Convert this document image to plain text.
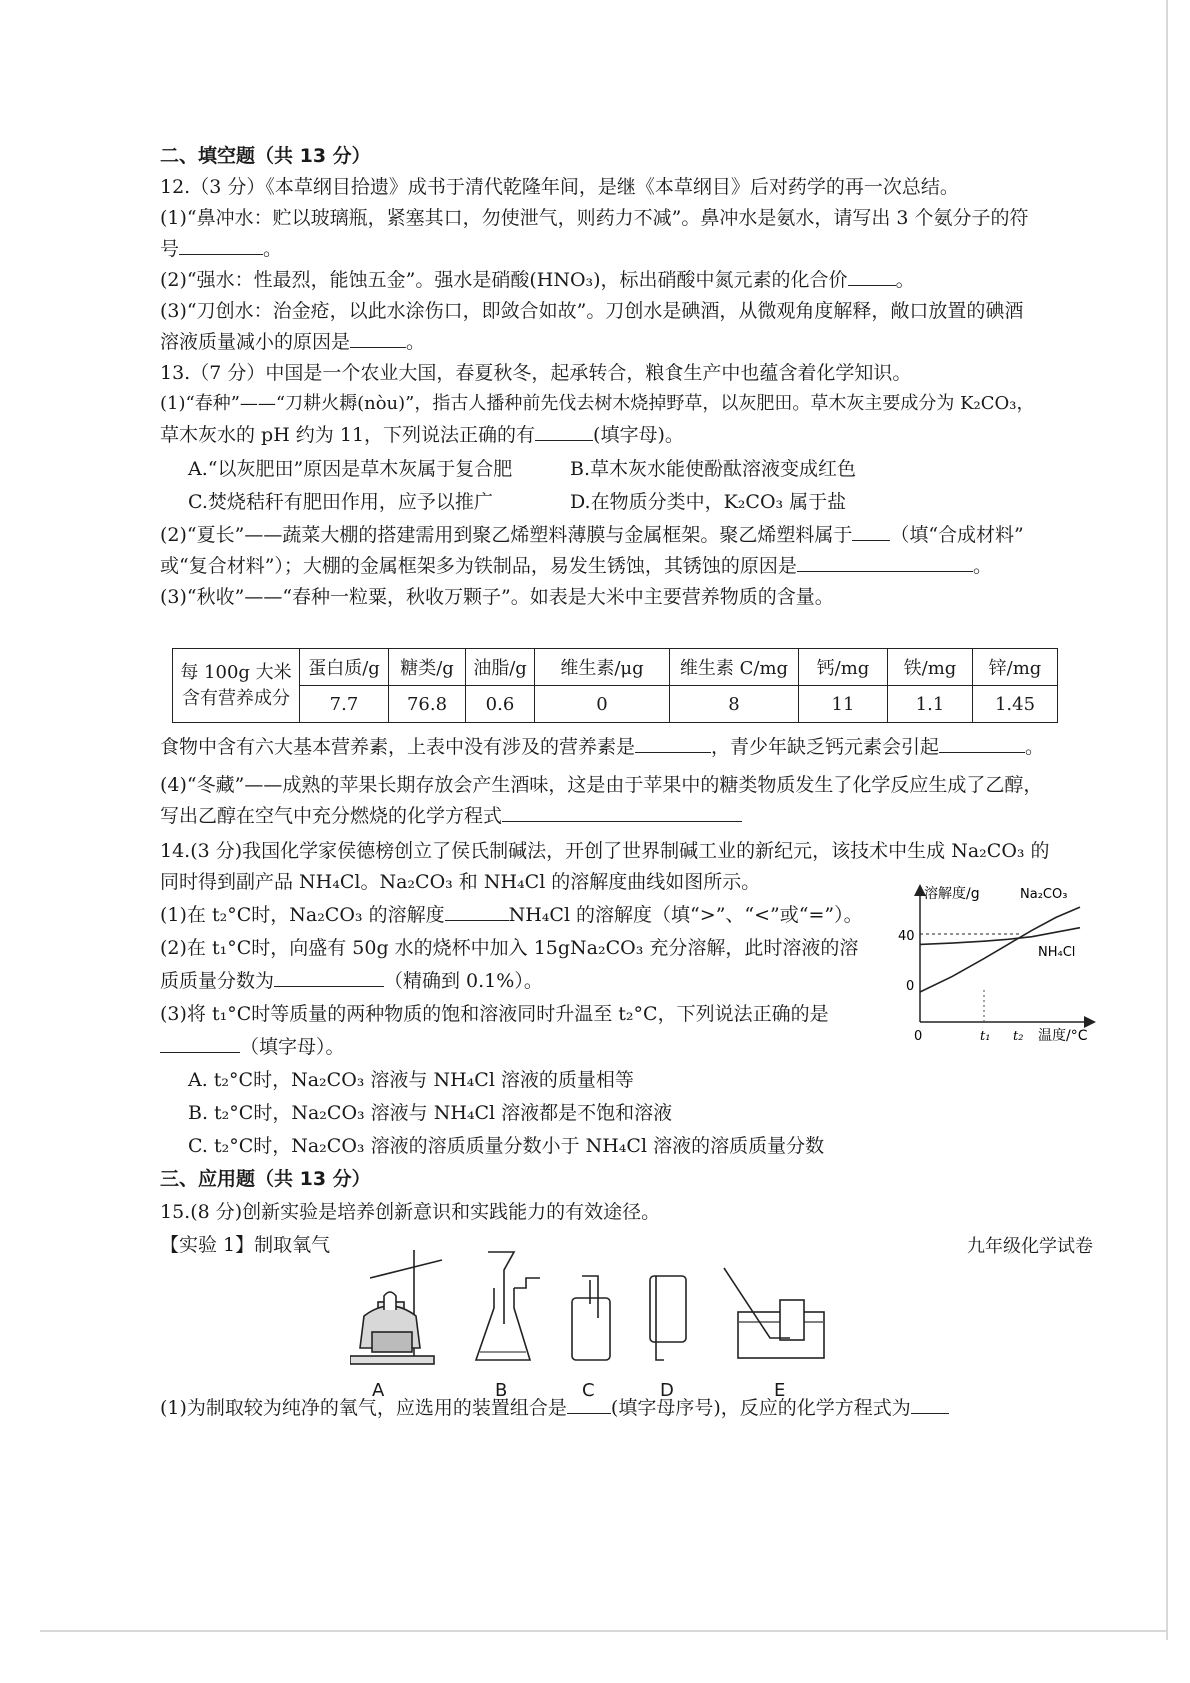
二、填空题（共 13 分）
12.（3 分）《本草纲目拾遗》成书于清代乾隆年间，是继《本草纲目》后对药学的再一次总结。
(1)“鼻冲水：贮以玻璃瓶，紧塞其口，勿使泄气，则药力不减”。鼻冲水是氨水，请写出 3 个氨分子的符
号	。
(2)“强水：性最烈，能蚀五金”。强水是硝酸(HNO₃)，标出硝酸中氮元素的化合价	。
(3)“刀创水：治金疮，以此水涂伤口，即敛合如故”。刀创水是碘酒，从微观角度解释，敞口放置的碘酒
溶液质量减小的原因是	。
13.（7 分）中国是一个农业大国，春夏秋冬，起承转合，粮食生产中也蕴含着化学知识。
(1)“春种”——“刀耕火耨(nòu)”，指古人播种前先伐去树木烧掉野草，以灰肥田。草木灰主要成分为 K₂CO₃，
草木灰水的 pH 约为 11，下列说法正确的有	(填字母)。
A.“以灰肥田”原因是草木灰属于复合肥	B.草木灰水能使酚酞溶液变成红色
C.焚烧秸秆有肥田作用，应予以推广	D.在物质分类中，K₂CO₃ 属于盐
(2)“夏长”——蔬菜大棚的搭建需用到聚乙烯塑料薄膜与金属框架。聚乙烯塑料属于 （填“合成材料”
或“复合材料”）；大棚的金属框架多为铁制品，易发生锈蚀，其锈蚀的原因是	。
(3)“秋收”——“春种一粒粟，秋收万颗子”。如表是大米中主要营养物质的含量。
每 100g 大米
含有营养成分	蛋白质/g	糖类/g	油脂/g	维生素/μg	维生素 C/mg	钙/mg	铁/mg	锌/mg
	7.7	76.8	0.6	0	8	11	1.1	1.45
食物中含有六大基本营养素，上表中没有涉及的营养素是	，青少年缺乏钙元素会引起	。
(4)“冬藏”——成熟的苹果长期存放会产生酒味，这是由于苹果中的糖类物质发生了化学反应生成了乙醇，
写出乙醇在空气中充分燃烧的化学方程式
14.(3 分)我国化学家侯德榜创立了侯氏制碱法，开创了世界制碱工业的新纪元，该技术中生成 Na₂CO₃ 的
同时得到副产品 NH₄Cl。Na₂CO₃ 和 NH₄Cl 的溶解度曲线如图所示。
(1)在 t₂°C时，Na₂CO₃ 的溶解度	NH₄Cl 的溶解度（填“>”、“<”或“=”）。
(2)在 t₁°C时，向盛有 50g 水的烧杯中加入 15gNa₂CO₃ 充分溶解，此时溶液的溶
质质量分数为	（精确到 0.1%）。
(3)将 t₁°C时等质量的两种物质的饱和溶液同时升温至 t₂°C，下列说法正确的是
（填字母）。
A. t₂°C时，Na₂CO₃ 溶液与 NH₄Cl 溶液的质量相等
B. t₂°C时，Na₂CO₃ 溶液与 NH₄Cl 溶液都是不饱和溶液
C. t₂°C时，Na₂CO₃ 溶液的溶质质量分数小于 NH₄Cl 溶液的溶质质量分数
三、应用题（共 13 分）
15.(8 分)创新实验是培养创新意识和实践能力的有效途径。
【实验 1】制取氧气
(1)为制取较为纯净的氧气，应选用的装置组合是 (填字母序号)，反应的化学方程式为
溶解度/g
温度/°C
0
40
0
t₁ t₂
Na₂CO₃
NH₄Cl
A	B	C	D	E
九年级化学试卷
